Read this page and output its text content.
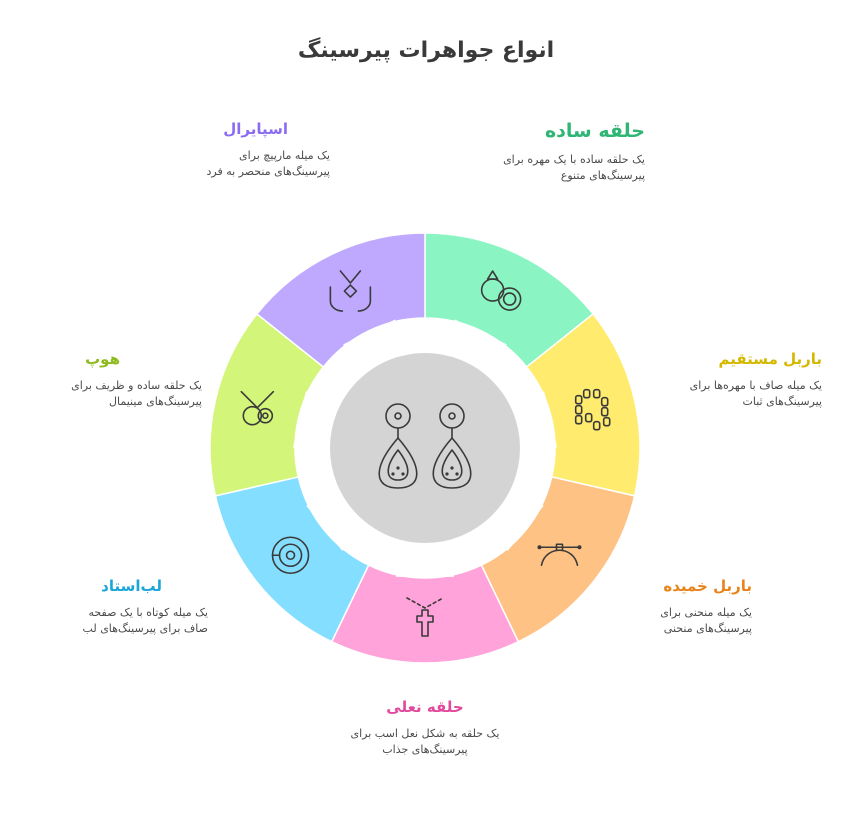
انواع جواهرات پیرسینگ
حلقه ساده
یک حلقه ساده با یک مهره برای
پیرسینگ‌های متنوع
باربل مستقیم
یک میله صاف با مهره‌ها برای
پیرسینگ‌های ثبات
باربل خمیده
یک میله منحنی برای
پیرسینگ‌های منحنی
حلقه نعلی
یک حلقه به شکل نعل اسب برای
پیرسینگ‌های جذاب
لب‌استاد
یک میله کوتاه با یک صفحه
صاف برای پیرسینگ‌های لب
هوپ
یک حلقه ساده و ظریف برای
پیرسینگ‌های مینیمال
اسپایرال
یک میله مارپیچ برای
پیرسینگ‌های منحصر به فرد
